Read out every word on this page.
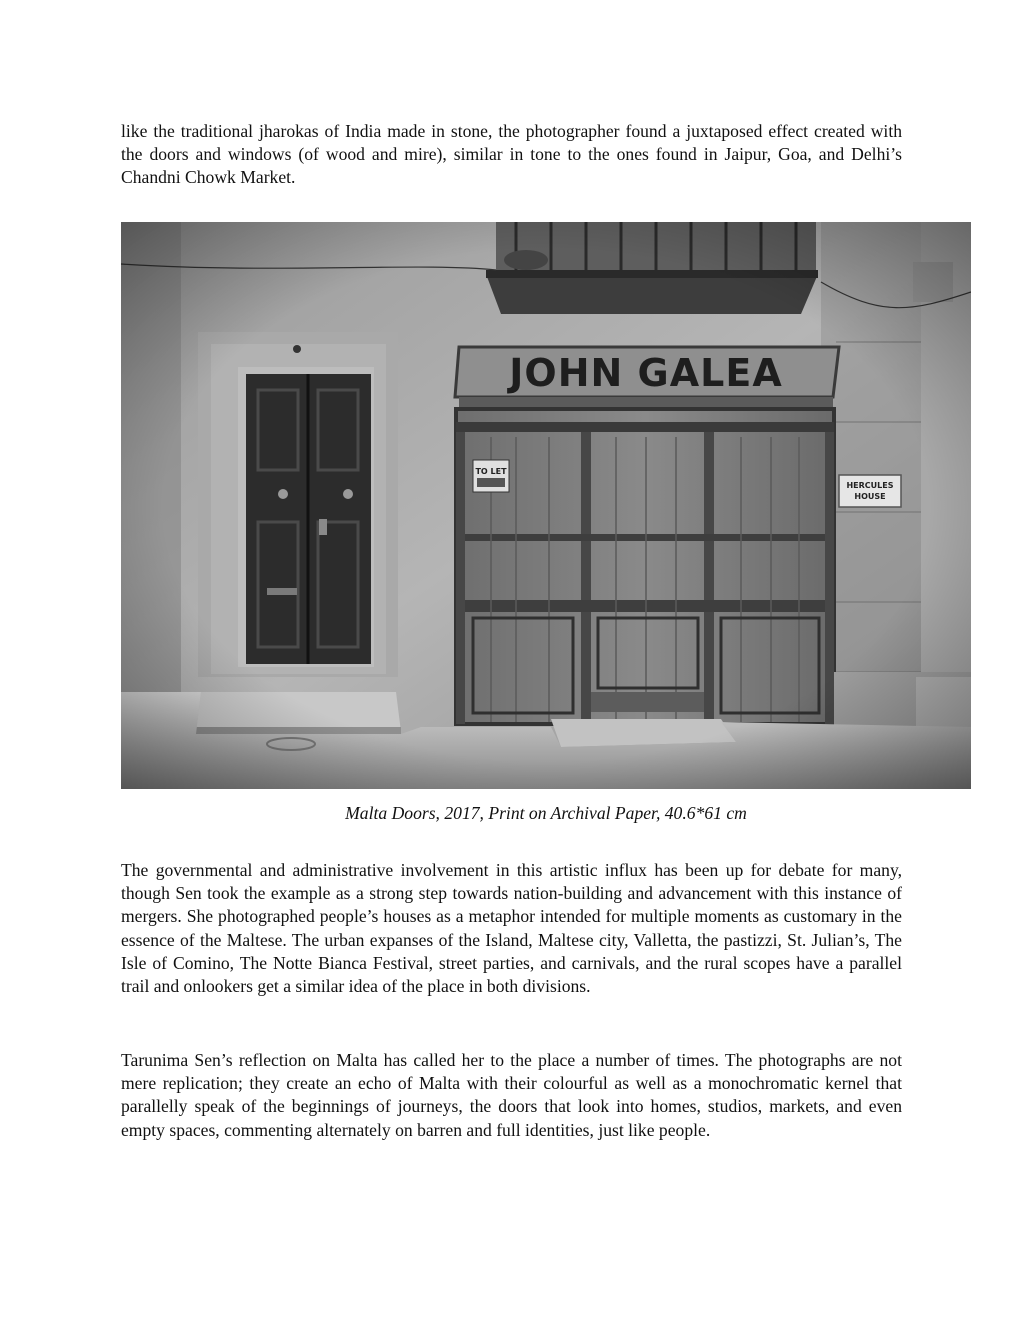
like the traditional jharokas of India made in stone, the photographer found a juxtaposed effect created with the doors and windows (of wood and mire), similar in tone to the ones found in Jaipur, Goa, and Delhi’s Chandni Chowk Market.

Malta Doors, 2017, Print on Archival Paper, 40.6*61 cm

The governmental and administrative involvement in this artistic influx has been up for debate for many, though Sen took the example as a strong step towards nation-building and advancement with this instance of mergers. She photographed people’s houses as a metaphor intended for multiple moments as customary in the essence of the Maltese. The urban expanses of the Island, Maltese city, Valletta, the pastizzi, St. Julian’s, The Isle of Comino, The Notte Bianca Festival, street parties, and carnivals, and the rural scopes have a parallel trail and onlookers get a similar idea of the place in both divisions.

Tarunima Sen’s reflection on Malta has called her to the place a number of times. The photographs are not mere replication; they create an echo of Malta with their colourful as well as a monochromatic kernel that parallelly speak of the beginnings of journeys, the doors that look into homes, studios, markets, and even empty spaces, commenting alternately on barren and full identities, just like people.
